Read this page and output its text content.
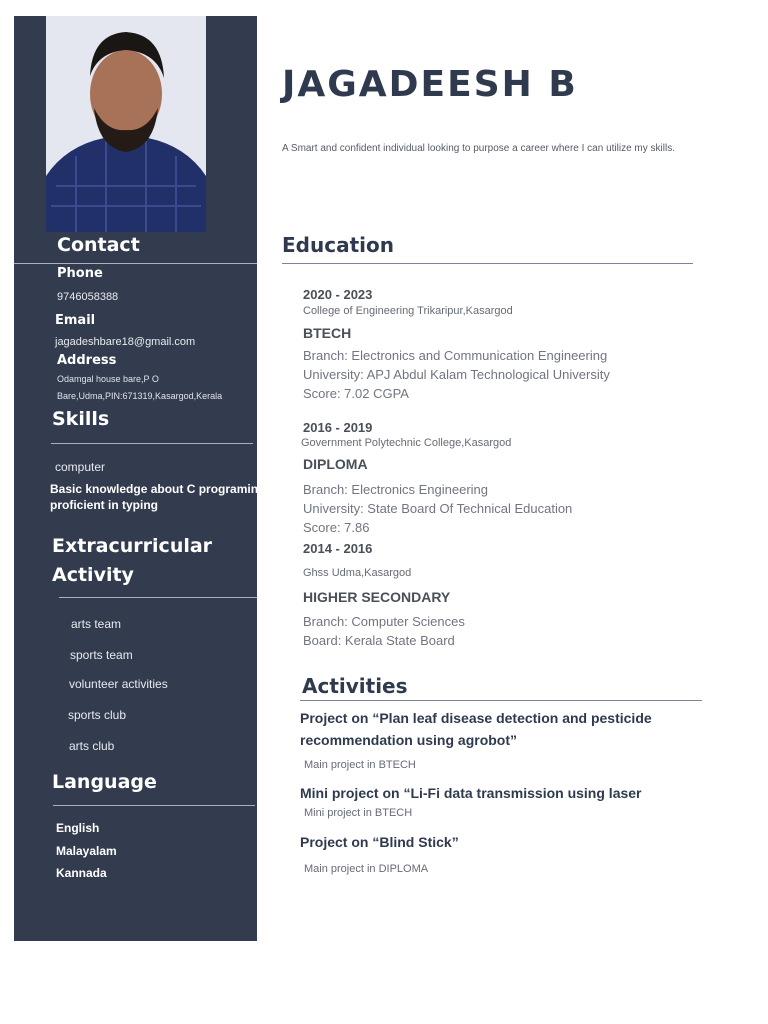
Contact
Phone
9746058388
Email
jagadeshbare18@gmail.com
Address
Odamgal house bare,P O
Bare,Udma,PIN:671319,Kasargod,Kerala
Skills
computer
Basic knowledge about C programing
proficient in typing
Extracurricular
Activity
arts team
sports team
volunteer activities
sports club
arts club
Language
English
Malayalam
Kannada
JAGADEESH B
A Smart and confident individual looking to purpose a career where I can utilize my skills.
Education
2020 - 2023
College of Engineering Trikaripur,Kasargod
BTECH
Branch: Electronics and Communication Engineering
University: APJ Abdul Kalam Technological University
Score: 7.02 CGPA
2016 - 2019
Government Polytechnic College,Kasargod
DIPLOMA
Branch: Electronics Engineering
University: State Board Of Technical Education
Score: 7.86
2014 - 2016
Ghss Udma,Kasargod
HIGHER SECONDARY
Branch: Computer Sciences
Board: Kerala State Board
Activities
Project on “Plan leaf disease detection and pesticide
recommendation using agrobot”
Main project in BTECH
Mini project on “Li-Fi data transmission using laser
Mini project in BTECH
Project on “Blind Stick”
Main project in DIPLOMA
